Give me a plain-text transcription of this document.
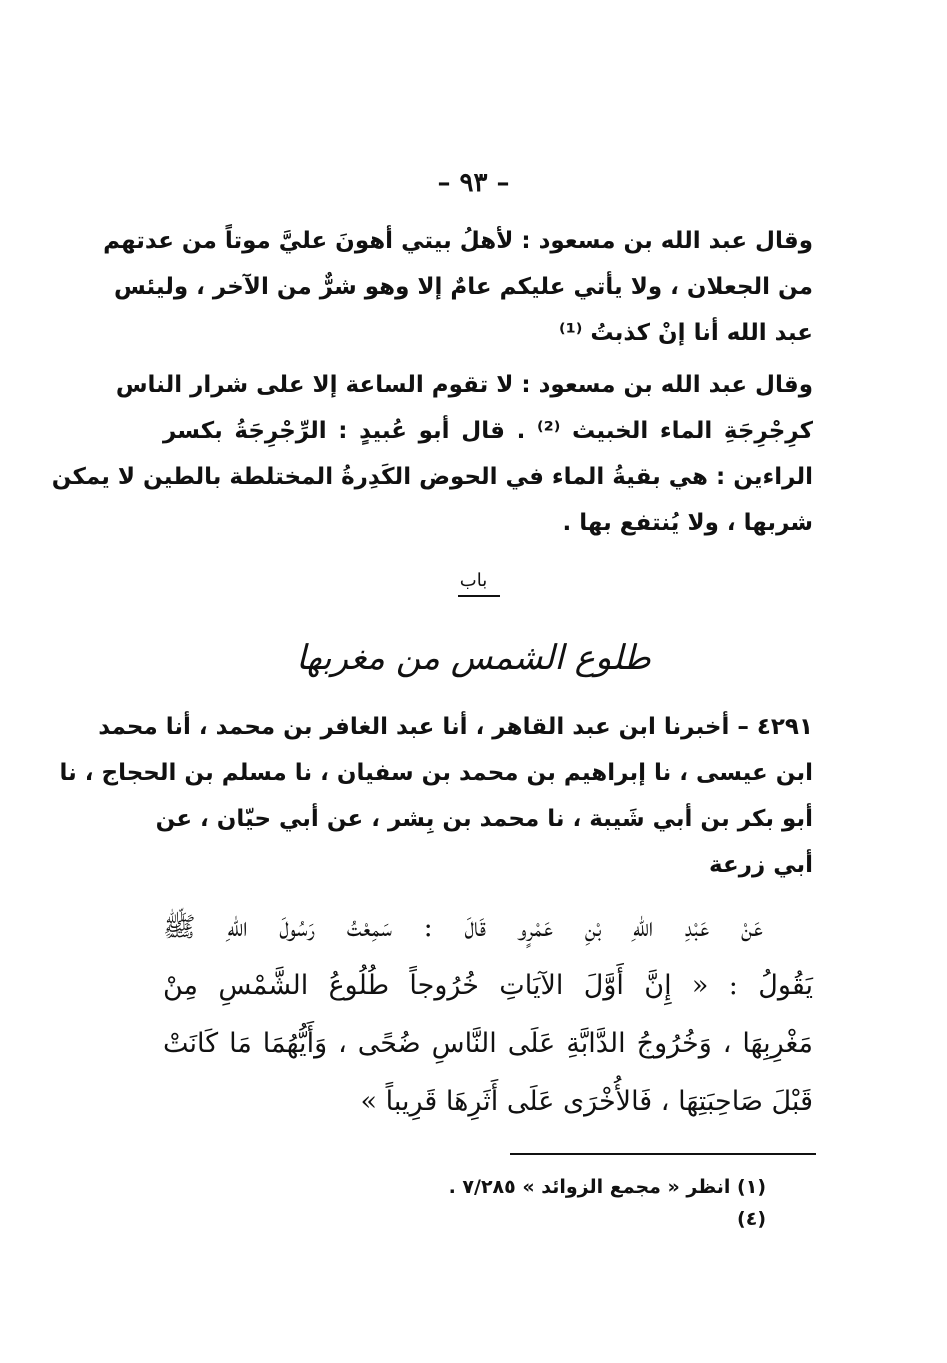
– ٩٣ –
وقال عبد الله بن مسعود : لأهلُ بيتي أهونَ عليَّ موتاً من عدتهم
من الجعلان ، ولا يأتي عليكم عامٌ إلا وهو شرٌّ من الآخر ، وليئس
عبد الله أنا إنْ كذبتُ ⁽¹⁾
وقال عبد الله بن مسعود : لا تقوم الساعة إلا على شرار الناس
كرِجْرِجَةِ الماء الخبيث ⁽²⁾ . قال أبو عُبيدٍ : الرِّجْرِجَةُ بكسر
الراءين : هي بقيةُ الماء في الحوض الكَدِرةُ المختلطة بالطين لا يمكن
شربها ، ولا يُنتفع بها .
باب
طلوع الشمس من مغربها
٤٢٩١ – أخبرنا ابن عبد القاهر ، أنا عبد الغافر بن محمد ، أنا محمد
ابن عيسى ، نا إبراهيم بن محمد بن سفيان ، نا مسلم بن الحجاج ، نا
أبو بكر بن أبي شَيبة ، نا محمد بن بِشر ، عن أبي حيّان ، عن
أبي زرعة
عَنْ عَبْدِ اللهِ بْنِ عَمْرٍو قَالَ : سَمِعْتُ رَسُولَ اللهِ ﷺ
يَقُولُ : « إِنَّ أَوَّلَ الآيَاتِ خُرُوجاً طُلُوعُ الشَّمْسِ مِنْ
مَغْرِبِهَا ، وَخُرُوجُ الدَّابَّةِ عَلَى النَّاسِ ضُحًى ، وَأَيُّهُمَا مَا كَانَتْ
قَبْلَ صَاحِبَتِهَا ، فَالأُخْرَى عَلَى أَثَرِهَا قَرِيباً »
(١) انظر « مجمع الزوائد » ٧/٢٨٥ .
(٤)
